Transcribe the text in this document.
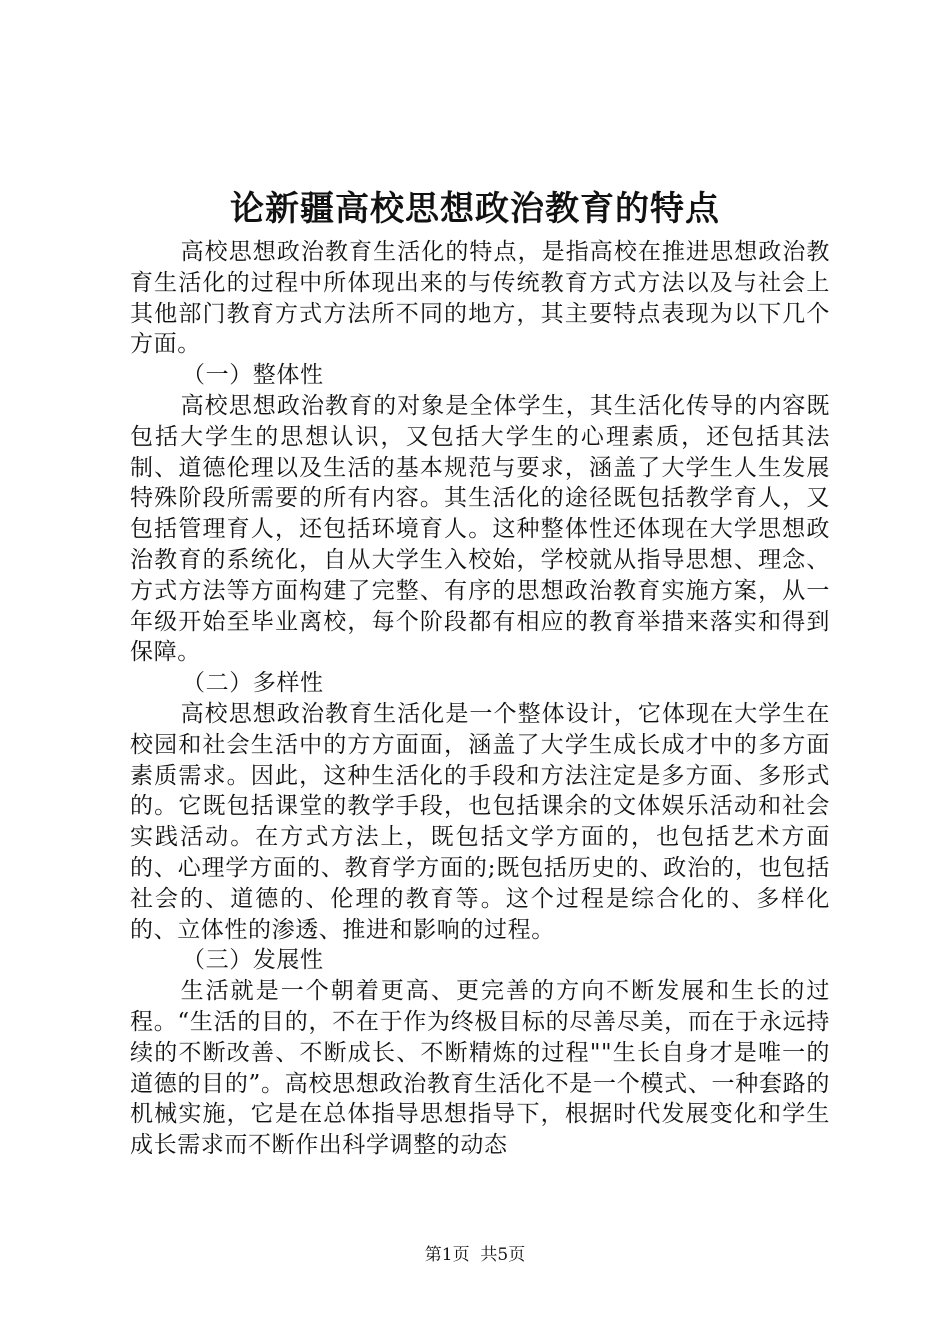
论新疆高校思想政治教育的特点

高校思想政治教育生活化的特点，是指高校在推进思想政治教育生活化的过程中所体现出来的与传统教育方式方法以及与社会上其他部门教育方式方法所不同的地方，其主要特点表现为以下几个方面。

（一）整体性

高校思想政治教育的对象是全体学生，其生活化传导的内容既包括大学生的思想认识，又包括大学生的心理素质，还包括其法制、道德伦理以及生活的基本规范与要求，涵盖了大学生人生发展特殊阶段所需要的所有内容。其生活化的途径既包括教学育人，又包括管理育人，还包括环境育人。这种整体性还体现在大学思想政治教育的系统化，自从大学生入校始，学校就从指导思想、理念、方式方法等方面构建了完整、有序的思想政治教育实施方案，从一年级开始至毕业离校，每个阶段都有相应的教育举措来落实和得到保障。

（二）多样性

高校思想政治教育生活化是一个整体设计，它体现在大学生在校园和社会生活中的方方面面，涵盖了大学生成长成才中的多方面素质需求。因此，这种生活化的手段和方法注定是多方面、多形式的。它既包括课堂的教学手段，也包括课余的文体娱乐活动和社会实践活动。在方式方法上，既包括文学方面的，也包括艺术方面的、心理学方面的、教育学方面的;既包括历史的、政治的，也包括社会的、道德的、伦理的教育等。这个过程是综合化的、多样化的、立体性的渗透、推进和影响的过程。

（三）发展性

生活就是一个朝着更高、更完善的方向不断发展和生长的过程。“生活的目的，不在于作为终极目标的尽善尽美，而在于永远持续的不断改善、不断成长、不断精炼的过程""生长自身才是唯一的道德的目的”。高校思想政治教育生活化不是一个模式、一种套路的机械实施，它是在总体指导思想指导下，根据时代发展变化和学生成长需求而不断作出科学调整的动态

第1页 共5页
